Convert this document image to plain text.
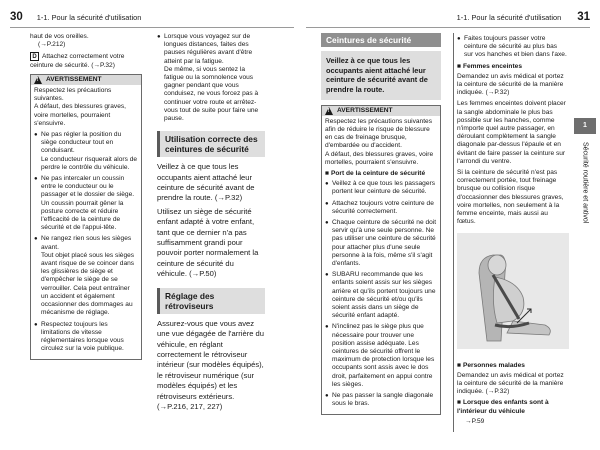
30 1-1. Pour la sécurité d'utilisation	1-1. Pour la sécurité d'utilisation 31

haut de vos oreilles.
(→P.212)

D Attachez correctement votre ceinture de sécurité. (→P.32)

!
AVERTISSEMENT

Respectez les précautions suivantes.
A défaut, des blessures graves, voire mortelles, pourraient s'ensuivre.

● Ne pas régler la position du siège conducteur tout en conduisant.
Le conducteur risquerait alors de perdre le contrôle du véhicule.
● Ne pas intercaler un coussin entre le conducteur ou le passager et le dossier de siège. Un coussin pourrait gêner la posture correcte et réduire l'efficacité de la ceinture de sécurité et de l'appui-tête.
● Ne rangez rien sous les sièges avant.
Tout objet placé sous les sièges avant risque de se coincer dans les glissières de siège et d'empêcher le siège de se verrouiller. Cela peut entraîner un accident et également occasionner des dommages au mécanisme de réglage.
● Respectez toujours les limitations de vitesse réglementaires lorsque vous circulez sur la voie publique.
● Lorsque vous voyagez sur de longues distances, faites des pauses régulières avant d'être atteint par la fatigue.
De même, si vous sentez la fatigue ou la somnolence vous gagner pendant que vous conduisez, ne vous forcez pas à continuer votre route et arrêtez-vous tout de suite pour faire une pause.
Utilisation correcte des ceintures de sécurité

Veillez à ce que tous les occupants aient attaché leur ceinture de sécurité avant de prendre la route. (→P.32)

Utilisez un siège de sécurité enfant adapté à votre enfant, tant que ce dernier n'a pas suffisamment grandi pour pouvoir porter normalement la ceinture de sécurité du véhicule. (→P.50)

Réglage des rétroviseurs

Assurez-vous que vous avez une vue dégagée de l'arrière du véhicule, en réglant correctement le rétroviseur intérieur (sur modèles équipés), le rétroviseur numérique (sur modèles équipés) et les rétroviseurs extérieurs. (→P.216, 217, 227)

Ceintures de sécurité
Veillez à ce que tous les occupants aient attaché leur ceinture de sécurité avant de prendre la route.
!
AVERTISSEMENT

Respectez les précautions suivantes afin de réduire le risque de blessure en cas de freinage brusque, d'embardée ou d'accident.
A défaut, des blessures graves, voire mortelles, pourraient s'ensuivre.

■ Port de la ceinture de sécurité
● Veillez à ce que tous les passagers portent leur ceinture de sécurité.
● Attachez toujours votre ceinture de sécurité correctement.
● Chaque ceinture de sécurité ne doit servir qu'à une seule personne. Ne pas utiliser une ceinture de sécurité pour attacher plus d'une seule personne à la fois, même s'il s'agit d'enfants.
● SUBARU recommande que les enfants soient assis sur les sièges arrière et qu'ils portent toujours une ceinture de sécurité et/ou qu'ils soient assis dans un siège de sécurité enfant adapté.
● N'inclinez pas le siège plus que nécessaire pour trouver une position assise adéquate. Les ceintures de sécurité offrent le maximum de protection lorsque les occupants sont assis avec le dos droit, parfaitement en appui contre les sièges.
● Ne pas passer la sangle diagonale sous le bras.
● Faites toujours passer votre ceinture de sécurité au plus bas sur vos hanches et bien dans l'axe.
■ Femmes enceintes

Demandez un avis médical et portez la ceinture de sécurité de la manière indiquée. (→P.32)

Les femmes enceintes doivent placer la sangle abdominale le plus bas possible sur les hanches, comme n'importe quel autre passager, en déroulant complètement la sangle diagonale par-dessus l'épaule et en évitant de faire passer la ceinture sur l'arrondi du ventre.

Si la ceinture de sécurité n'est pas correctement portée, tout freinage brusque ou collision risque d'occasionner des blessures graves, voire mortelles, non seulement à la femme enceinte, mais aussi au fœtus.

■ Personnes malades

Demandez un avis médical et portez la ceinture de sécurité de la manière indiquée. (→P.32)

■ Lorsque des enfants sont à l'intérieur du véhicule

→P.59

1
Sécurité routière et antivol
